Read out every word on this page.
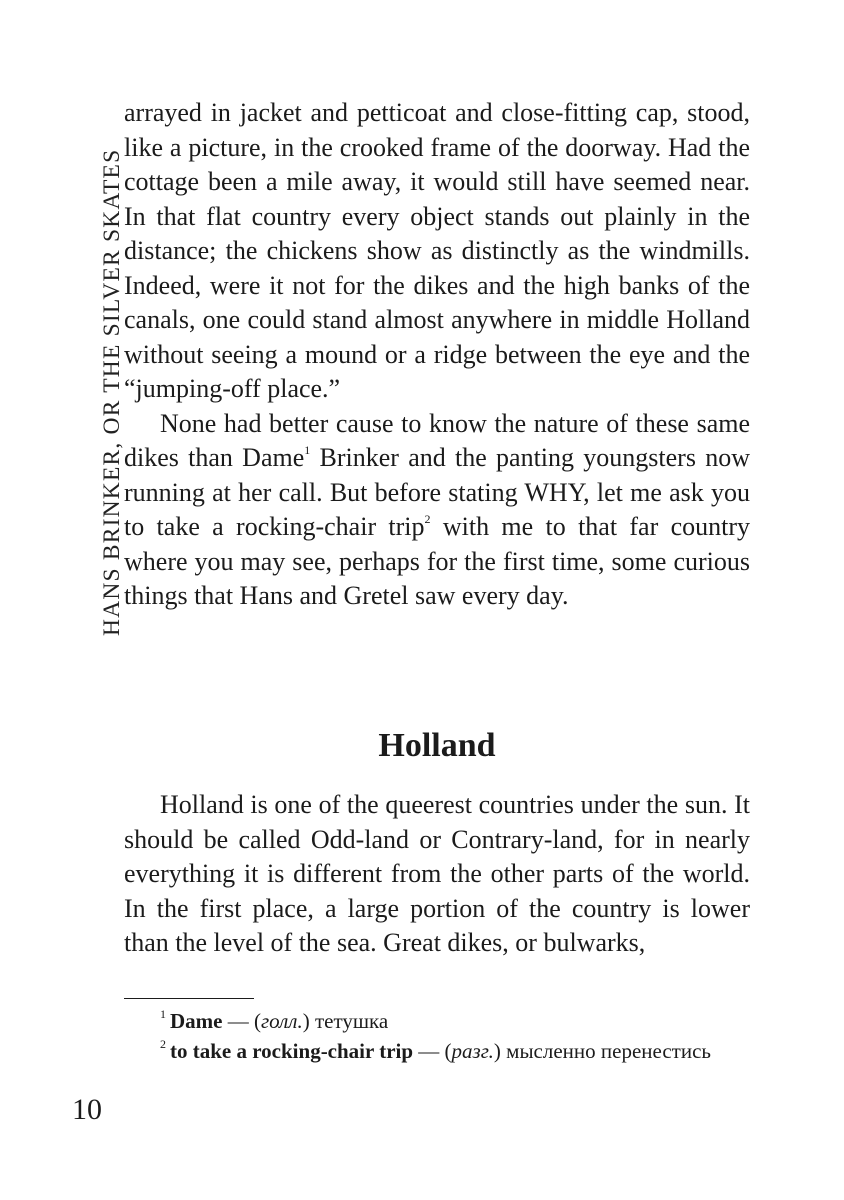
HANS BRINKER, OR THE SILVER SKATES

arrayed in jacket and petticoat and close-fitting cap, stood, like a picture, in the crooked frame of the doorway. Had the cottage been a mile away, it would still have seemed near. In that flat country every object stands out plainly in the distance; the chickens show as distinctly as the windmills. Indeed, were it not for the dikes and the high banks of the canals, one could stand almost anywhere in middle Holland without seeing a mound or a ridge between the eye and the “jumping-off place.”

None had better cause to know the nature of these same dikes than Dame$^1$ Brinker and the panting youngsters now running at her call. But before stating WHY, let me ask you to take a rocking-chair trip$^2$ with me to that far country where you may see, perhaps for the first time, some curious things that Hans and Gretel saw every day.

Holland

Holland is one of the queerest countries under the sun. It should be called Odd-land or Contrary-land, for in nearly everything it is different from the other parts of the world. In the first place, a large portion of the country is lower than the level of the sea. Great dikes, or bulwarks,

$^1$ Dame — (голл.) тетушка

$^2$ to take a rocking-chair trip — (разг.) мысленно перенестись

10
